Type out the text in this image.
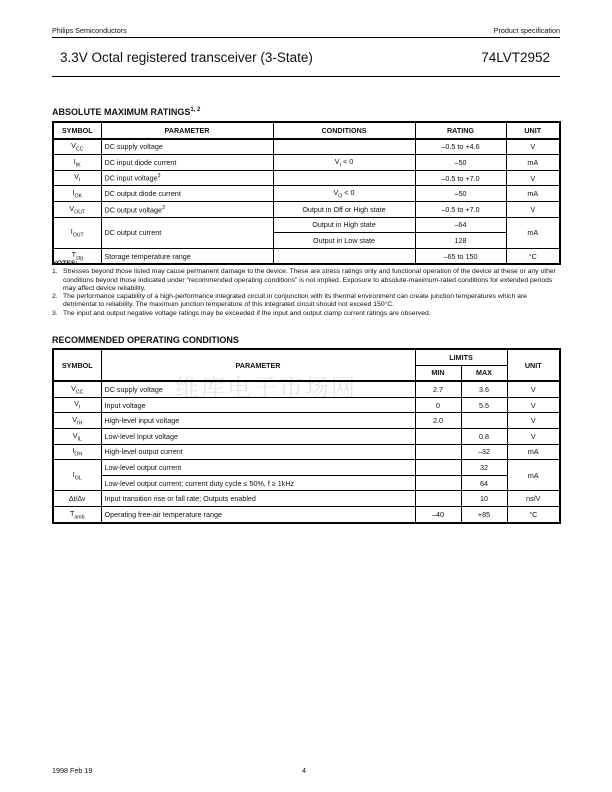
Philips Semiconductors	Product specification
3.3V Octal registered transceiver (3-State)	74LVT2952
维库电子市场网
ABSOLUTE MAXIMUM RATINGS$^{1, 2}$
SYMBOL	PARAMETER	CONDITIONS	RATING	UNIT
$V_{CC}$	DC supply voltage		–0.5 to +4.6	V
$I_{IK}$	DC input diode current	$V_I < 0$	–50	mA
$V_I$	DC input voltage$^3$		–0.5 to +7.0	V
$I_{OK}$	DC output diode current	$V_O < 0$	–50	mA
$V_{OUT}$	DC output voltage$^3$	Output in Off or High state	–0.5 to +7.0	V
$I_{OUT}$	DC output current	Output in High state	–64	mA
		Output in Low state	128	
$T_{stg}$	Storage temperature range		–65 to 150	°C
NOTES:
1. Stresses beyond those listed may cause permanent damage to the device. These are stress ratings only and functional operation of the device at these or any other conditions beyond those indicated under “recommended operating conditions” is not implied. Exposure to absolute-maximum-rated conditions for extended periods may affect device reliability.
2. The performance capability of a high-performance integrated circuit in conjunction with its thermal environment can create junction temperatures which are detrimental to reliability. The maximum junction temperature of this integrated circuit should not exceed 150°C.
3. The input and output negative voltage ratings may be exceeded if the input and output clamp current ratings are observed.
RECOMMENDED OPERATING CONDITIONS
SYMBOL	PARAMETER	LIMITS		UNIT
		MIN	MAX	
$V_{CC}$	DC supply voltage	2.7	3.6	V
$V_I$	Input voltage	0	5.5	V
$V_{IH}$	High-level input voltage	2.0		V
$V_{IL}$	Low-level Input voltage		0.8	V
$I_{OH}$	High-level output current		–32	mA
$I_{OL}$	Low-level output current		32	mA
	Low-level output current; current duty cycle ≤ 50%, f ≥ 1kHz		64	
∆t/∆v	Input transition rise or fall rate; Outputs enabled		10	ns/V
$T_{amb}$	Operating free-air temperature range	–40	+85	°C
1998 Feb 19	4
